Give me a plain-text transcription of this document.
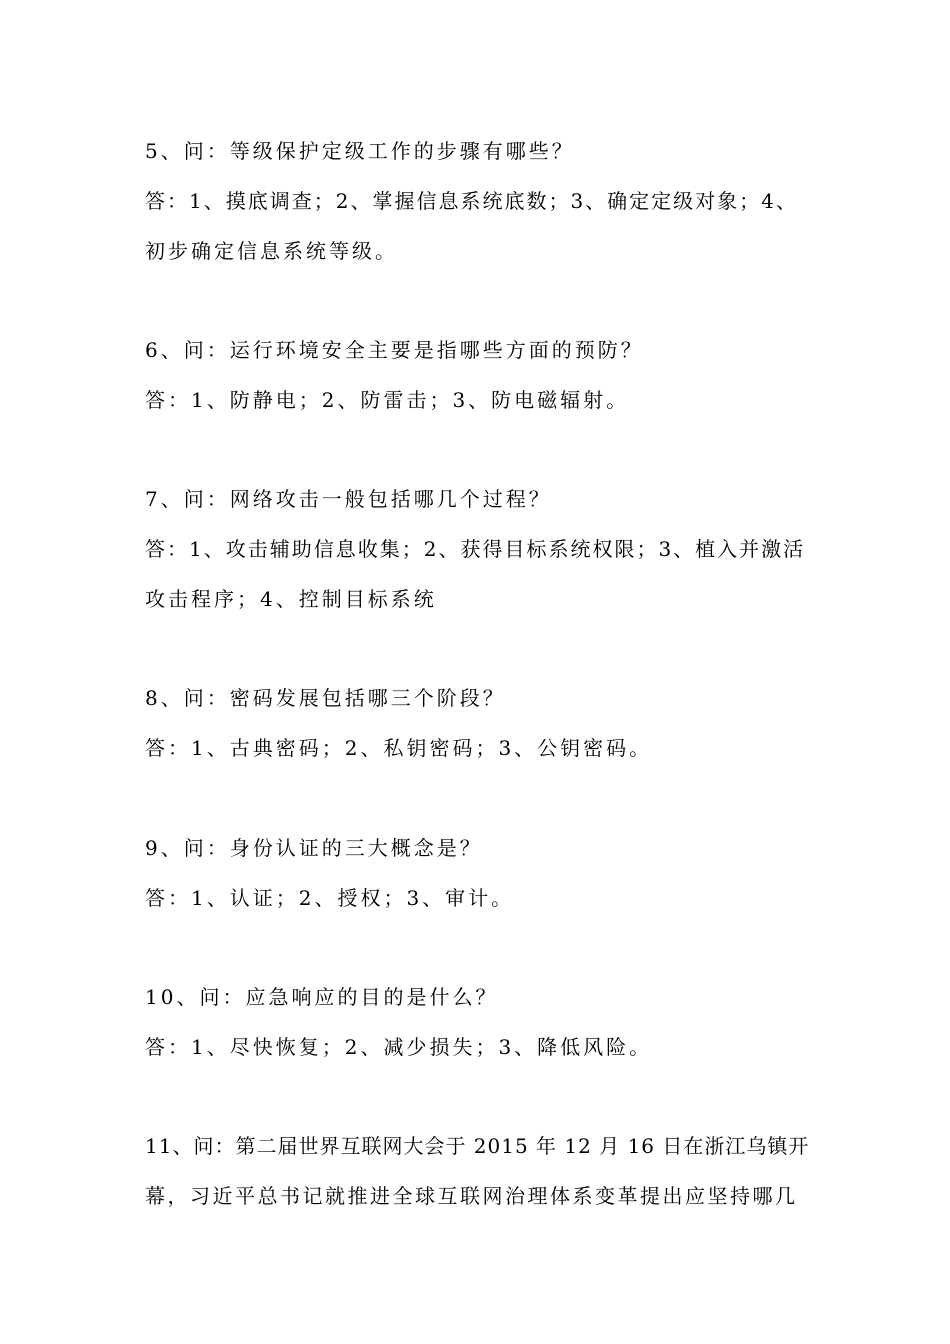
5、问：等级保护定级工作的步骤有哪些？
答：1、摸底调查；2、掌握信息系统底数；3、确定定级对象；4、
初步确定信息系统等级。
6、问：运行环境安全主要是指哪些方面的预防？
答：1、防静电；2、防雷击；3、防电磁辐射。
7、问：网络攻击一般包括哪几个过程？
答：1、攻击辅助信息收集；2、获得目标系统权限；3、植入并激活
攻击程序；4、控制目标系统
8、问：密码发展包括哪三个阶段？
答：1、古典密码；2、私钥密码；3、公钥密码。
9、问：身份认证的三大概念是？
答：1、认证；2、授权；3、审计。
10、问：应急响应的目的是什么？
答：1、尽快恢复；2、减少损失；3、降低风险。
11、问：第二届世界互联网大会于 2015 年 12 月 16 日在浙江乌镇开
幕，习近平总书记就推进全球互联网治理体系变革提出应坚持哪几
